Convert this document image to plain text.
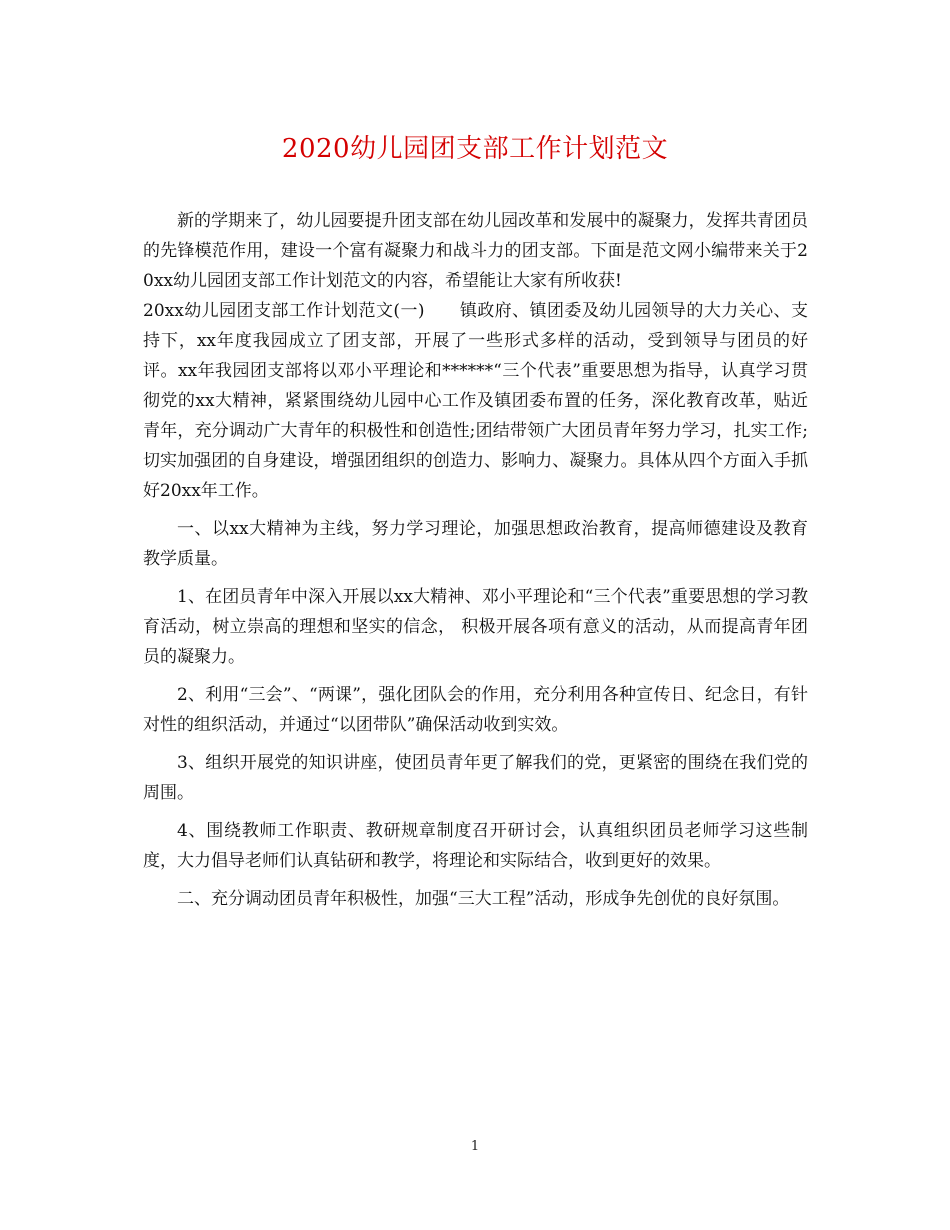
2020幼儿园团支部工作计划范文

新的学期来了，幼儿园要提升团支部在幼儿园改革和发展中的凝聚力，发挥共青团员的先锋模范作用，建设一个富有凝聚力和战斗力的团支部。下面是范文网小编带来关于20xx幼儿园团支部工作计划范文的内容，希望能让大家有所收获!

20xx幼儿园团支部工作计划范文(一)　　镇政府、镇团委及幼儿园领导的大力关心、支持下，xx年度我园成立了团支部，开展了一些形式多样的活动，受到领导与团员的好评。xx年我园团支部将以邓小平理论和******“三个代表”重要思想为指导，认真学习贯彻党的xx大精神，紧紧围绕幼儿园中心工作及镇团委布置的任务，深化教育改革，贴近青年，充分调动广大青年的积极性和创造性;团结带领广大团员青年努力学习，扎实工作;切实加强团的自身建设，增强团组织的创造力、影响力、凝聚力。具体从四个方面入手抓好20xx年工作。

一、以xx大精神为主线，努力学习理论，加强思想政治教育，提高师德建设及教育教学质量。

1、在团员青年中深入开展以xx大精神、邓小平理论和“三个代表”重要思想的学习教育活动，树立崇高的理想和坚实的信念， 积极开展各项有意义的活动，从而提高青年团员的凝聚力。

2、利用“三会”、“两课”，强化团队会的作用，充分利用各种宣传日、纪念日，有针对性的组织活动，并通过“以团带队”确保活动收到实效。

3、组织开展党的知识讲座，使团员青年更了解我们的党，更紧密的围绕在我们党的周围。

4、围绕教师工作职责、教研规章制度召开研讨会，认真组织团员老师学习这些制度，大力倡导老师们认真钻研和教学，将理论和实际结合，收到更好的效果。

二、充分调动团员青年积极性，加强“三大工程”活动，形成争先创优的良好氛围。

1
